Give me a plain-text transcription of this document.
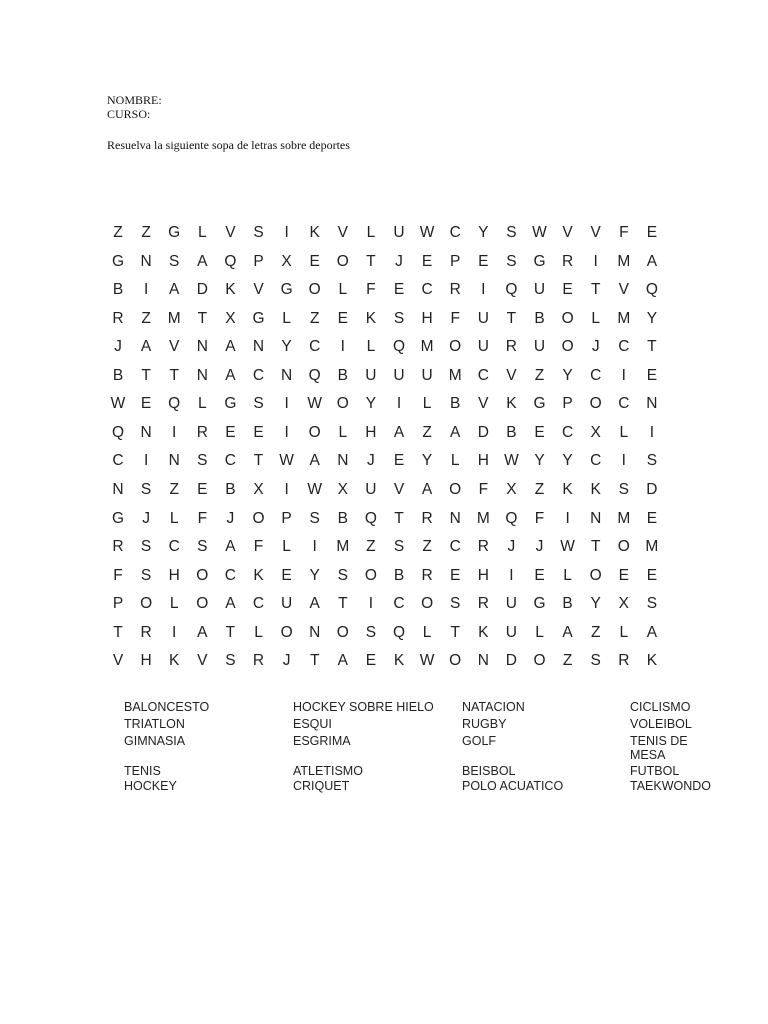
NOMBRE:
CURSO:
Resuelva la siguiente sopa de letras sobre deportes
Z	Z	G	L	V	S	I	K	V	L	U W C	Y	S	W	V	V	F	E
G	N	S	A	Q	P	X	E	O	T	J	E	P	E	S	G	R	I	M	A
B	I	A	D	K	V	G	O	L	F	E	C	R	I	Q	U	E	T	V	Q
R	Z	M	T	X	G	L	Z	E	K	S	H	F	U	T	B	O	L	M	Y
J	A	V	N	A	N	Y	C	I	L	Q	M	O	U	R	U	O	J	C	T
B	T	T	N	A	C	N	Q	B	U	U	U	M	C	V	Z	Y	C	I	E
W	E	Q	L	G	S	I	W O	Y	I	L	B	V	K	G	P	O	C	N
Q	N	I	R	E	E	I	O	L	H	A	Z	A	D	B	E	C	X	L	I
C	I	N	S	C	T	W	A	N	J	E	Y	L	H W	Y	Y	C	I	S
N	S	Z	E	B	X	I	W	X	U	V	A	O	F	X	Z	K	K	S	D
G	J	L	F	J	O	P	S	B	Q	T	R	N	M	Q	F	I	N	M	E
R	S	C	S	A	F	L	I	M	Z	S	Z	C	R	J	J	W	T	O	M
F	S	H	O	C	K	E	Y	S	O	B	R	E	H	I	E	L	O	E	E
P	O	L	O	A	C	U	A	T	I	C	O	S	R	U	G	B	Y	X	S
T	R	I	A	T	L	O	N	O	S	Q	L	T	K	U	L	A	Z	L	A
V	H	K	V	S	R	J	T	A	E	K	W O	N	D	O	Z	S	R	K
BALONCESTO
TRIATLON
GIMNASIA
TENIS
HOCKEY
HOCKEY SOBRE HIELO
ESQUI
ESGRIMA
ATLETISMO
CRIQUET
NATACION
RUGBY
GOLF
BEISBOL
POLO ACUATICO
CICLISMO
VOLEIBOL
TENIS DE MESA
FUTBOL
TAEKWONDO
